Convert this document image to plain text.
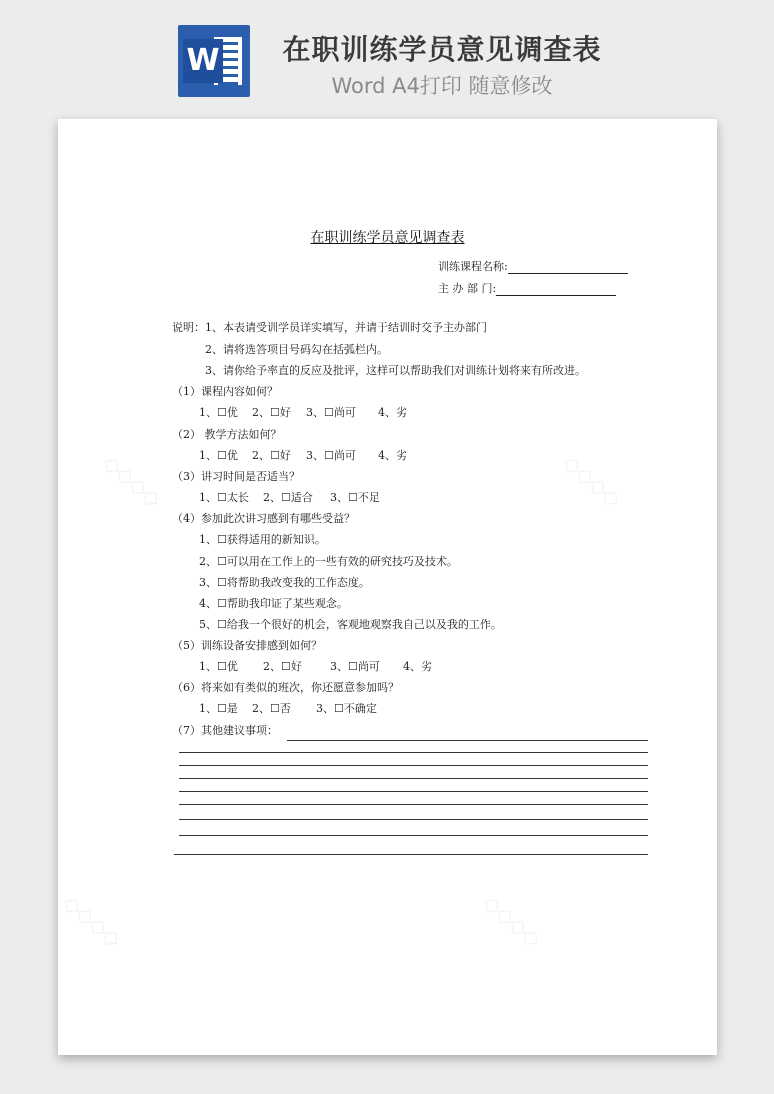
W	在职训练学员意见调查表
Word A4打印 随意修改
◇◇◇◇	◇◇◇◇
◇◇◇◇	◇◇◇◇
在职训练学员意见调查表
训练课程名称:
主 办 部 门:
说明：1、本表请受训学员详实填写，并请于结训时交予主办部门
2、请将选答项目号码勾在括弧栏内。
3、请你给予率直的反应及批评，这样可以帮助我们对训练计划将来有所改进。
（1）课程内容如何？
1、☐优 2、☐好 3、☐尚可 4、劣
（2） 教学方法如何？
1、☐优 2、☐好 3、☐尚可 4、劣
（3）讲习时间是否适当？
1、☐太长 2、☐适合 3、☐不足
（4）参加此次讲习感到有哪些受益？
1、☐获得适用的新知识。
2、☐可以用在工作上的一些有效的研究技巧及技术。
3、☐将帮助我改变我的工作态度。
4、☐帮助我印证了某些观念。
5、☐给我一个很好的机会，客观地观察我自己以及我的工作。
（5）训练设备安排感到如何？
1、☐优 2、☐好	3、☐尚可 4、劣
（6）将来如有类似的班次，你还愿意参加吗？
1、☐是 2、☐否 3、☐不确定
（7）其他建议事项：
